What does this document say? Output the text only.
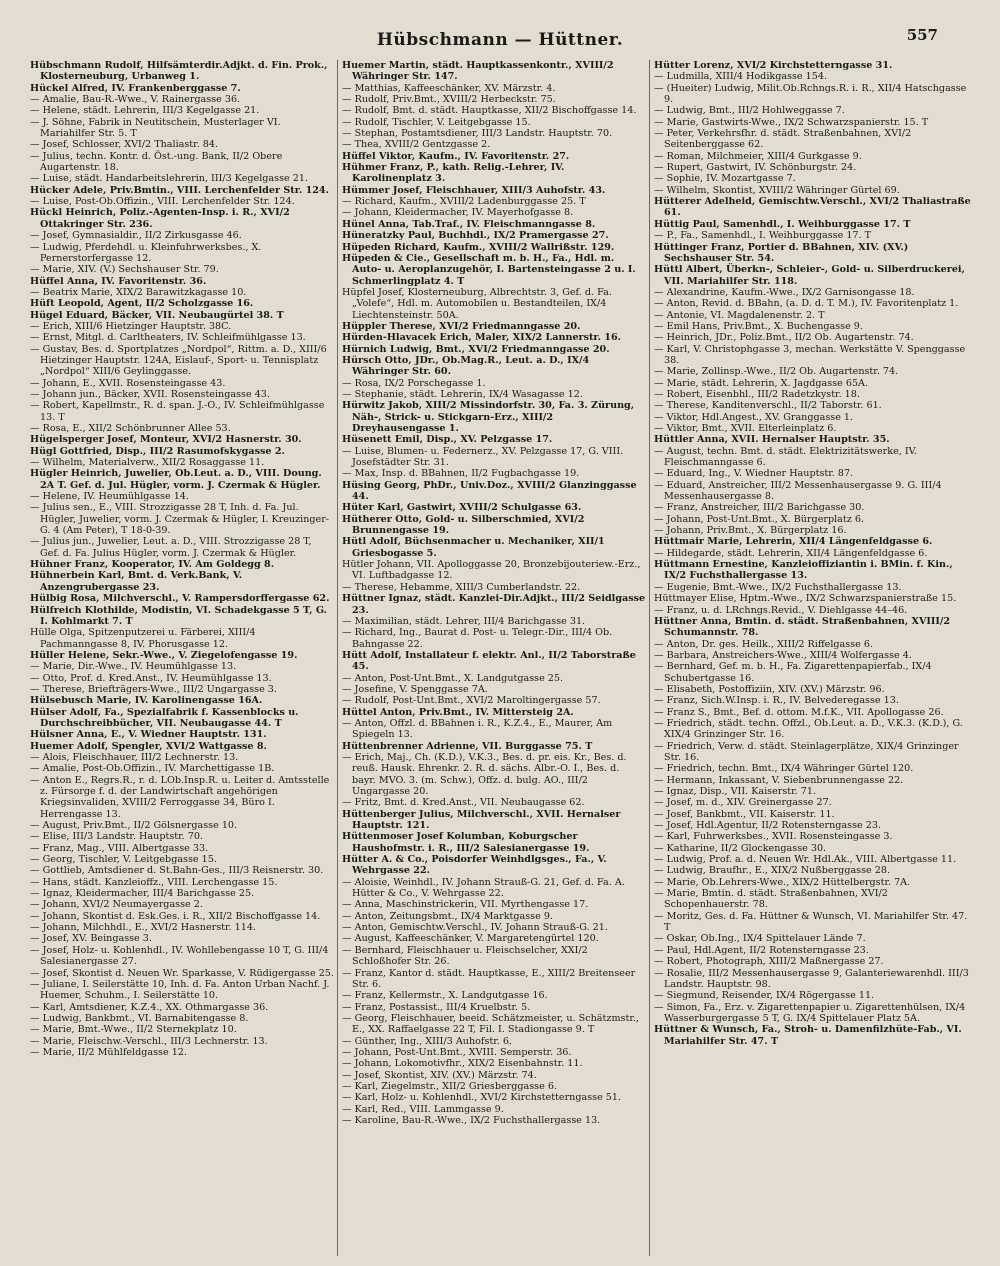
Hübschmann — Hüttner.	557
Hübschmann Rudolf, Hilfsämterdir.Adjkt. d. Fin. Prok., Klosterneuburg, Urbanweg 1.
Hückel Alfred, IV. Frankenberggasse 7.
— Amalie, Bau-R.-Wwe., V. Rainergasse 36.
— Helene, städt. Lehrerin, III/3 Kegelgasse 21.
— J. Söhne, Fabrik in Neutitschein, Musterlager VI. Mariahilfer Str. 5. T
— Josef, Schlosser, XVI/2 Thaliastr. 84.
— Julius, techn. Kontr. d. Öst.-ung. Bank, II/2 Obere Augartenstr. 18.
— Luise, städt. Handarbeitslehrerin, III/3 Kegelgasse 21.
Hücker Adele, Priv.Bmtin., VIII. Lerchenfelder Str. 124.
— Luise, Post-Ob.Offizin., VIII. Lerchenfelder Str. 124.
Hückl Heinrich, Poliz.-Agenten-Insp. i. R., XVI/2 Ottakringer Str. 236.
— Josef, Gymnasialdir., II/2 Zirkusgasse 46.
— Ludwig, Pferdehdl. u. Kleinfuhrwerksbes., X. Pernerstorfergasse 12.
— Marie, XIV. (V.) Sechshauser Str. 79.
Hüffel Anna, IV. Favoritenstr. 36.
— Beatrix Marie, XIX/2 Barawitzkagasse 10.
Hüft Leopold, Agent, II/2 Scholzgasse 16.
Hügel Eduard, Bäcker, VII. Neubaugürtel 38. T
— Erich, XIII/6 Hietzinger Hauptstr. 38C.
— Ernst, Mitgl. d. Carltheaters, IV. Schleifmühlgasse 13.
— Gustav, Bes. d. Sportplatzes „Nordpol“, Rittm. a. D., XIII/6 Hietzinger Hauptstr. 124A, Eislauf-, Sport- u. Tennisplatz „Nordpol“ XIII/6 Geylinggasse.
— Johann, E., XVII. Rosensteingasse 43.
— Johann jun., Bäcker, XVII. Rosensteingasse 43.
— Robert, Kapellmstr., R. d. span. J.-O., IV. Schleifmühlgasse 13. T
— Rosa, E., XII/2 Schönbrunner Allee 53.
Hügelsperger Josef, Monteur, XVI/2 Hasnerstr. 30.
Hügl Gottfried, Disp., III/2 Rasumofskygasse 2.
— Wilhelm, Materialverw., XII/2 Rosaggasse 11.
Hügler Heinrich, Juwelier, Ob.Leut. a. D., VIII. Doung. 2A T. Gef. d. Jul. Hügler, vorm. J. Czermak & Hügler.
— Helene, IV. Heumühlgasse 14.
— Julius sen., E., VIII. Strozzigasse 28 T, Inh. d. Fa. Jul. Hügler, Juwelier, vorm. J. Czermak & Hügler, I. Kreuzinger-G. 4 (Am Peter), T 18-0-39.
— Julius jun., Juwelier, Leut. a. D., VIII. Strozzigasse 28 T, Gef. d. Fa. Julius Hügler, vorm. J. Czermak & Hügler.
Hühner Franz, Kooperator, IV. Am Goldegg 8.
Hühnerbein Karl, Bmt. d. Verk.Bank, V. Anzengrubergasse 23.
Hülbig Rosa, Milchverschl., V. Rampersdorffergasse 62.
Hülfreich Klothilde, Modistin, VI. Schadekgasse 5 T, G. I. Kohlmarkt 7. T
Hülle Olga, Spitzenputzerei u. Färberei, XIII/4 Pachmanngasse 8, IV. Phorusgasse 12.
Hüller Helene, Sekr.-Wwe., V. Ziegelofengasse 19.
— Marie, Dir.-Wwe., IV. Heumühlgasse 13.
— Otto, Prof. d. Kred.Anst., IV. Heumühlgasse 13.
— Therese, Briefträgers-Wwe., III/2 Ungargasse 3.
Hülsebusch Marie, IV. Karolinengasse 16A.
Hülser Adolf, Fa., Spezialfabrik f. Kassenblocks u. Durchschreibbücher, VII. Neubaugasse 44. T
Hülsner Anna, E., V. Wiedner Hauptstr. 131.
Huemer Adolf, Spengler, XVI/2 Wattgasse 8.
— Alois, Fleischhauer, III/2 Lechnerstr. 13.
— Amalie, Post-Ob.Offizin., IV. Marchettigasse 1B.
— Anton E., Regrs.R., r. d. LOb.Insp.R. u. Leiter d. Amtsstelle z. Fürsorge f. d. der Landwirtschaft angehörigen Kriegsinvaliden, XVIII/2 Ferroggasse 34, Büro I. Herrengasse 13.
— August, Priv.Bmt., II/2 Gölsnergasse 10.
— Elise, III/3 Landstr. Hauptstr. 70.
— Franz, Mag., VIII. Albertgasse 33.
— Georg, Tischler, V. Leitgebgasse 15.
— Gottlieb, Amtsdiener d. St.Bahn-Ges., III/3 Reisnerstr. 30.
— Hans, städt. Kanzleioffz., VIII. Lerchengasse 15.
— Ignaz, Kleidermacher, III/4 Barichgasse 25.
— Johann, XVI/2 Neumayergasse 2.
— Johann, Skontist d. Esk.Ges. i. R., XII/2 Bischoffgasse 14.
— Johann, Milchhdl., E., XVI/2 Hasnerstr. 114.
— Josef, XV. Beingasse 3.
— Josef, Holz- u. Kohlenhdl., IV. Wohllebengasse 10 T, G. III/4 Salesianergasse 27.
— Josef, Skontist d. Neuen Wr. Sparkasse, V. Rüdigergasse 25.
— Juliane, I. Seilerstätte 10, Inh. d. Fa. Anton Urban Nachf. J. Huemer, Schuhm., I. Seilerstätte 10.
— Karl, Amtsdiener, K.Z.4., XX. Othmargasse 36.
— Ludwig, Bankbmt., VI. Barnabitengasse 8.
— Marie, Bmt.-Wwe., II/2 Sternekplatz 10.
— Marie, Fleischw.-Verschl., III/3 Lechnerstr. 13.
— Marie, II/2 Mühlfeldgasse 12.
Huemer Martin, städt. Hauptkassenkontr., XVIII/2 Währinger Str. 147.
— Matthias, Kaffeeschänker, XV. Märzstr. 4.
— Rudolf, Priv.Bmt., XVIII/2 Herbeckstr. 75.
— Rudolf, Bmt. d. städt. Hauptkasse, XII/2 Bischoffgasse 14.
— Rudolf, Tischler, V. Leitgebgasse 15.
— Stephan, Postamtsdiener, III/3 Landstr. Hauptstr. 70.
— Thea, XVIII/2 Gentzgasse 2.
Hüffel Viktor, Kaufm., IV. Favoritenstr. 27.
Hühmer Franz, P., kath. Relig.-Lehrer, IV. Karolinenplatz 3.
Hümmer Josef, Fleischhauer, XIII/3 Auhofstr. 43.
— Richard, Kaufm., XVIII/2 Ladenburggasse 25. T
— Johann, Kleidermacher, IV. Mayerhofgasse 8.
Hünel Anna, Tab.Traf., IV. Fleischmanngasse 8.
Hüneratzky Paul, Buchhdl., IX/2 Pramergasse 27.
Hüpeden Richard, Kaufm., XVIII/2 Wallrißstr. 129.
Hüpeden & Cie., Gesellschaft m. b. H., Fa., Hdl. m. Auto- u. Aeroplanzugehör, I. Bartensteingasse 2 u. I. Schmerlingplatz 4. T
Hüpfel Josef, Klosterneuburg, Albrechtstr. 3, Gef. d. Fa. „Volefe“, Hdl. m. Automobilen u. Bestandteilen, IX/4 Liechtensteinstr. 50A.
Hüppler Therese, XVI/2 Friedmanngasse 20.
Hürden-Hlavacek Erich, Maler, XIX/2 Lannerstr. 16.
Hürnich Ludwig, Bmt., XVI/2 Friedmanngasse 20.
Hürsch Otto, JDr., Ob.Mag.R., Leut. a. D., IX/4 Währinger Str. 60.
— Rosa, IX/2 Porschegasse 1.
— Stephanie, städt. Lehrerin, IX/4 Wasagasse 12.
Hürwitz Jakob, XIII/2 Missindorfstr. 30, Fa. 3. Zürung, Näh-, Strick- u. Stickgarn-Erz., XIII/2 Dreyhausengasse 1.
Hüsenett Emil, Disp., XV. Pelzgasse 17.
— Luise, Blumen- u. Federnerz., XV. Pelzgasse 17, G. VIII. Josefstädter Str. 31.
— Max, Insp. d. BBahnen, II/2 Fugbachgasse 19.
Hüsing Georg, PhDr., Univ.Doz., XVIII/2 Glanzinggasse 44.
Hüter Karl, Gastwirt, XVIII/2 Schulgasse 63.
Hütherer Otto, Gold- u. Silberschmied, XVI/2 Brunnengasse 19.
Hütl Adolf, Büchsenmacher u. Mechaniker, XII/1 Griesbogasse 5.
Hütler Johann, VII. Apolloggasse 20, Bronzebijouteriew.-Erz., VI. Luftbadgasse 12.
— Therese, Hebamme, XIII/3 Cumberlandstr. 22.
Hüttner Ignaz, städt. Kanzlei-Dir.Adjkt., III/2 Seidlgasse 23.
— Maximilian, städt. Lehrer, III/4 Barichgasse 31.
— Richard, Ing., Baurat d. Post- u. Telegr.-Dir., III/4 Ob. Bahngasse 22.
Hütt Adolf, Installateur f. elektr. Anl., II/2 Taborstraße 45.
— Anton, Post-Unt.Bmt., X. Landgutgasse 25.
— Josefine, V. Spenggasse 7A.
— Rudolf, Post-Unt.Bmt., XVI/2 Maroltingergasse 57.
Hüttel Anton, Priv.Bmt., IV. Mittersteig 2A.
— Anton, Offzl. d. BBahnen i. R., K.Z.4., E., Maurer, Am Spiegeln 13.
Hüttenbrenner Adrienne, VII. Burggasse 75. T
— Erich, Maj., Ch. (K.D.), V.K.3., Bes. d. pr. eis. Kr., Bes. d. reuß. Hausk. Ehrenkr. 2. R. d. sächs. Albr.-O. I., Bes. d. bayr. MVO. 3. (m. Schw.), Offz. d. bulg. AO., III/2 Ungargasse 20.
— Fritz, Bmt. d. Kred.Anst., VII. Neubaugasse 62.
Hüttenberger Julius, Milchverschl., XVII. Hernalser Hauptstr. 121.
Hüttenmoser Josef Kolumban, Koburgscher Haushofmstr. i. R., III/2 Salesianergasse 19.
Hütter A. & Co., Poisdorfer Weinhdlgsges., Fa., V. Wehrgasse 22.
— Aloisie, Weinhdl., IV. Johann Strauß-G. 21, Gef. d. Fa. A. Hütter & Co., V. Wehrgasse 22.
— Anna, Maschinstrickerin, VII. Myrthengasse 17.
— Anton, Zeitungsbmt., IX/4 Marktgasse 9.
— Anton, Gemischtw.Verschl., IV. Johann Strauß-G. 21.
— August, Kaffeeschänker, V. Margaretengürtel 120.
— Bernhard, Fleischhauer u. Fleischselcher, XXI/2 Schloßhofer Str. 26.
— Franz, Kantor d. städt. Hauptkasse, E., XIII/2 Breitenseer Str. 6.
— Franz, Kellermstr., X. Landgutgasse 16.
— Franz, Postassist., III/4 Kruelbstr. 5.
— Georg, Fleischhauer, beeid. Schätzmeister, u. Schätzmstr., E., XX. Raffaelgasse 22 T, Fil. I. Stadiongasse 9. T
— Günther, Ing., XIII/3 Auhofstr. 6.
— Johann, Post-Unt.Bmt., XVIII. Semperstr. 36.
— Johann, Lokomotivfhr., XIX/2 Eisenbahnstr. 11.
— Josef, Skontist, XIV. (XV.) Märzstr. 74.
— Karl, Ziegelmstr., XII/2 Griesberggasse 6.
— Karl, Holz- u. Kohlenhdl., XVI/2 Kirchstetterngasse 51.
— Karl, Red., VIII. Lammgasse 9.
— Karoline, Bau-R.-Wwe., IX/2 Fuchsthallergasse 13.
Hütter Lorenz, XVI/2 Kirchstetterngasse 31.
— Ludmilla, XIII/4 Hodikgasse 154.
— (Hueiter) Ludwig, Milit.Ob.Rchngs.R. i. R., XII/4 Hatschgasse 9.
— Ludwig, Bmt., III/2 Hohlweggasse 7.
— Marie, Gastwirts-Wwe., IX/2 Schwarzspanierstr. 15. T
— Peter, Verkehrsfhr. d. städt. Straßenbahnen, XVI/2 Seitenberggasse 62.
— Roman, Milchmeier, XIII/4 Gurkgasse 9.
— Rupert, Gastwirt, IV. Schönburgstr. 24.
— Sophie, IV. Mozartgasse 7.
— Wilhelm, Skontist, XVIII/2 Währinger Gürtel 69.
Hütterer Adelheid, Gemischtw.Verschl., XVI/2 Thaliastraße 61.
Hüttig Paul, Samenhdl., I. Weihburggasse 17. T
— P., Fa., Samenhdl., I. Weihburggasse 17. T
Hüttinger Franz, Portier d. BBahnen, XIV. (XV.) Sechshauser Str. 54.
Hüttl Albert, Überkn-, Schleier-, Gold- u. Silberdruckerei, VII. Mariahilfer Str. 118.
— Alexandrine, Kaufm.-Wwe., IX/2 Garnisongasse 18.
— Anton, Revid. d. BBahn, (a. D. d. T. M.), IV. Favoritenplatz 1.
— Antonie, VI. Magdalenenstr. 2. T
— Emil Hans, Priv.Bmt., X. Buchengasse 9.
— Heinrich, JDr., Poliz.Bmt., II/2 Ob. Augartenstr. 74.
— Karl, V. Christophgasse 3, mechan. Werkstätte V. Spenggasse 38.
— Marie, Zollinsp.-Wwe., II/2 Ob. Augartenstr. 74.
— Marie, städt. Lehrerin, X. Jagdgasse 65A.
— Robert, Eisenbhl., III/2 Radetzkystr. 18.
— Therese, Kanditenverschl., II/2 Taborstr. 61.
— Viktor, Hdl.Angest., XV. Granggasse 1.
— Viktor, Bmt., XVII. Elterleinplatz 6.
Hüttler Anna, XVII. Hernalser Hauptstr. 35.
— August, techn. Bmt. d. städt. Elektrizitätswerke, IV. Fleischmanngasse 6.
— Eduard, Ing., V. Wiedner Hauptstr. 87.
— Eduard, Anstreicher, III/2 Messenhausergasse 9. G. III/4 Messenhausergasse 8.
— Franz, Anstreicher, III/2 Barichgasse 30.
— Johann, Post-Unt.Bmt., X. Bürgerplatz 6.
— Johann, Priv.Bmt., X. Bürgerplatz 16.
Hüttmair Marie, Lehrerin, XII/4 Längenfeldgasse 6.
— Hildegarde, städt. Lehrerin, XII/4 Längenfeldgasse 6.
Hüttmann Ernestine, Kanzleioffiziantin i. BMin. f. Kin., IX/2 Fuchsthallergasse 13.
— Eugenie, Bmt.-Wwe., IX/2 Fuchsthallergasse 13.
Hüttmayer Elise, Hptm.-Wwe., IX/2 Schwarzspanierstraße 15.
— Franz, u. d. LRchngs.Revid., V. Diehlgasse 44–46.
Hüttner Anna, Bmtin. d. städt. Straßenbahnen, XVIII/2 Schumannstr. 78.
— Anton, Dr. ges. Heilk., XIII/2 Riffelgasse 6.
— Barbara, Anstreichers-Wwe., XIII/4 Wolfergasse 4.
— Bernhard, Gef. m. b. H., Fa. Zigarettenpapierfab., IX/4 Schubertgasse 16.
— Elisabeth, Postoffiziin, XIV. (XV.) Märzstr. 96.
— Franz, Sich.W.Insp. i. R., IV. Belvederegasse 13.
— Franz S., Bmt., Bef. d. ottom. M.f.K., VII. Apollogasse 26.
— Friedrich, städt. techn. Offzl., Ob.Leut. a. D., V.K.3. (K.D.), G. XIX/4 Grinzinger Str. 16.
— Friedrich, Verw. d. städt. Steinlagerplätze, XIX/4 Grinzinger Str. 16.
— Friedrich, techn. Bmt., IX/4 Währinger Gürtel 120.
— Hermann, Inkassant, V. Siebenbrunnengasse 22.
— Ignaz, Disp., VII. Kaiserstr. 71.
— Josef, m. d., XIV. Greinergasse 27.
— Josef, Bankbmt., VII. Kaiserstr. 11.
— Josef, Hdl.Agentur, II/2 Rotensterngasse 23.
— Karl, Fuhrwerksbes., XVII. Rosensteingasse 3.
— Katharine, II/2 Glockengasse 30.
— Ludwig, Prof. a. d. Neuen Wr. Hdl.Ak., VIII. Albertgasse 11.
— Ludwig, Braufhr., E., XIX/2 Nußberggasse 28.
— Marie, Ob.Lehrers-Wwe., XIX/2 Hüttelbergstr. 7A.
— Marie, Bmtin. d. städt. Straßenbahnen, XVI/2 Schopenhauerstr. 78.
— Moritz, Ges. d. Fa. Hüttner & Wunsch, VI. Mariahilfer Str. 47. T
— Oskar, Ob.Ing., IX/4 Spittelauer Lände 7.
— Paul, Hdl.Agent, II/2 Rotensterngasse 23.
— Robert, Photograph, XIII/2 Maßnergasse 27.
— Rosalie, III/2 Messenhausergasse 9, Galanteriewarenhdl. III/3 Landstr. Hauptstr. 98.
— Siegmund, Reisender, IX/4 Rögergasse 11.
— Simon, Fa., Erz. v. Zigarettenpapier u. Zigarettenhülsen, IX/4 Wasserburgergasse 5 T, G. IX/4 Spittelauer Platz 5A.
Hüttner & Wunsch, Fa., Stroh- u. Damenfilzhüte-Fab., VI. Mariahilfer Str. 47. T
